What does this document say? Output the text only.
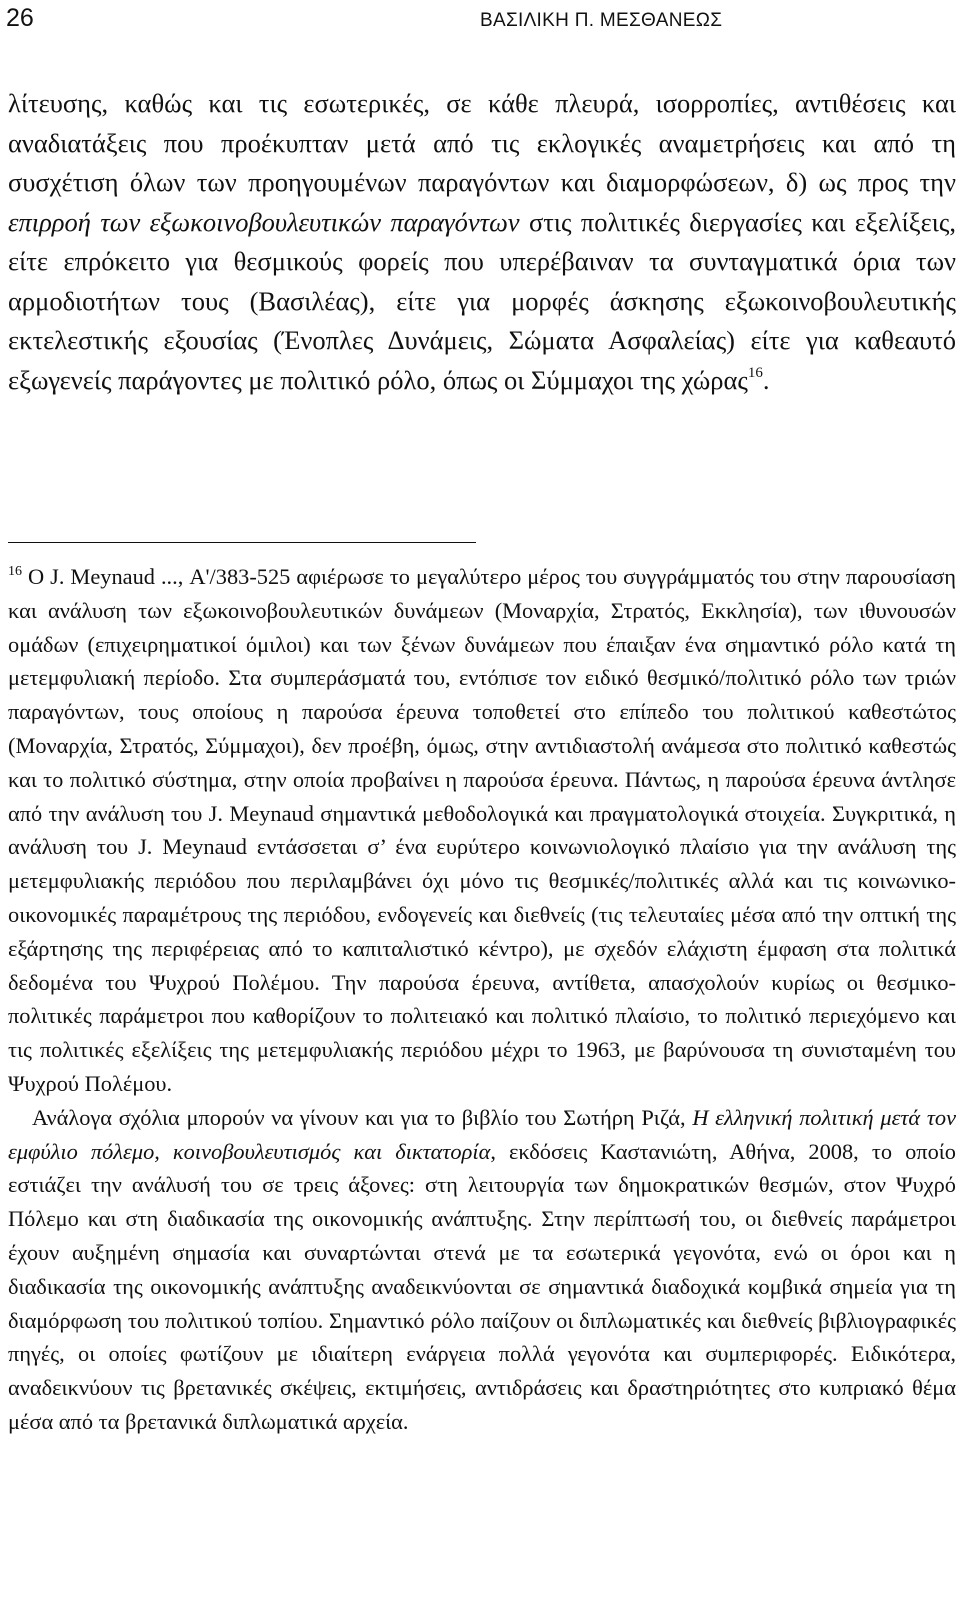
26	ΒΑΣΙΛΙΚΗ Π. ΜΕΣΘΑΝΕΩΣ
λίτευσης, καθώς και τις εσωτερικές, σε κάθε πλευρά, ισορροπίες, αντιθέσεις και αναδιατάξεις που προέκυπταν μετά από τις εκλογικές αναμετρήσεις και από τη συσχέτιση όλων των προηγουμένων παραγόντων και διαμορφώσεων, δ) ως προς την επιρροή των εξωκοινοβουλευτικών παραγόντων στις πολιτικές διεργασίες και εξελίξεις, είτε επρόκειτο για θεσμικούς φορείς που υπερέβαιναν τα συνταγματικά όρια των αρμοδιοτήτων τους (Βασιλέας), είτε για μορφές άσκησης εξωκοινοβουλευτικής εκτελεστικής εξουσίας (Ένοπλες Δυνάμεις, Σώματα Ασφαλείας) είτε για καθεαυτό εξωγενείς παράγοντες με πολιτικό ρόλο, όπως οι Σύμμαχοι της χώρας$^{16}$.

$^{16}$ O J. Meynaud ..., Α'/383-525 αφιέρωσε το μεγαλύτερο μέρος του συγγράμματός του στην παρουσίαση και ανάλυση των εξωκοινοβουλευτικών δυνάμεων (Μοναρχία, Στρατός, Εκκλησία), των ιθυνουσών ομάδων (επιχειρηματικοί όμιλοι) και των ξένων δυνάμεων που έπαιξαν ένα σημαντικό ρόλο κατά τη μετεμφυλιακή περίοδο. Στα συμπεράσματά του, εντόπισε τον ειδικό θεσμικό/πολιτικό ρόλο των τριών παραγόντων, τους οποίους η παρούσα έρευνα τοποθετεί στο επίπεδο του πολιτικού καθεστώτος (Μοναρχία, Στρατός, Σύμμαχοι), δεν προέβη, όμως, στην αντιδιαστολή ανάμεσα στο πολιτικό καθεστώς και το πολιτικό σύστημα, στην οποία προβαίνει η παρούσα έρευνα. Πάντως, η παρούσα έρευνα άντλησε από την ανάλυση του J. Meynaud σημαντικά μεθοδολογικά και πραγματολογικά στοιχεία. Συγκριτικά, η ανάλυση του J. Meynaud εντάσσεται σ’ ένα ευρύτερο κοινωνιολογικό πλαίσιο για την ανάλυση της μετεμφυλιακής περιόδου που περιλαμβάνει όχι μόνο τις θεσμικές/πολιτικές αλλά και τις κοινωνικο-οικονομικές παραμέτρους της περιόδου, ενδογενείς και διεθνείς (τις τελευταίες μέσα από την οπτική της εξάρτησης της περιφέρειας από το καπιταλιστικό κέντρο), με σχεδόν ελάχιστη έμφαση στα πολιτικά δεδομένα του Ψυχρού Πολέμου. Την παρούσα έρευνα, αντίθετα, απασχολούν κυρίως οι θεσμικο-πολιτικές παράμετροι που καθορίζουν το πολιτειακό και πολιτικό πλαίσιο, το πολιτικό περιεχόμενο και τις πολιτικές εξελίξεις της μετεμφυλιακής περιόδου μέχρι το 1963, με βαρύνουσα τη συνισταμένη του Ψυχρού Πολέμου.

Ανάλογα σχόλια μπορούν να γίνουν και για το βιβλίο του Σωτήρη Ριζά, Η ελληνική πολιτική μετά τον εμφύλιο πόλεμο, κοινοβουλευτισμός και δικτατορία, εκδόσεις Καστανιώτη, Αθήνα, 2008, το οποίο εστιάζει την ανάλυσή του σε τρεις άξονες: στη λειτουργία των δημοκρατικών θεσμών, στον Ψυχρό Πόλεμο και στη διαδικασία της οικονομικής ανάπτυξης. Στην περίπτωσή του, οι διεθνείς παράμετροι έχουν αυξημένη σημασία και συναρτώνται στενά με τα εσωτερικά γεγονότα, ενώ οι όροι και η διαδικασία της οικονομικής ανάπτυξης αναδεικνύονται σε σημαντικά διαδοχικά κομβικά σημεία για τη διαμόρφωση του πολιτικού τοπίου. Σημαντικό ρόλο παίζουν οι διπλωματικές και διεθνείς βιβλιογραφικές πηγές, οι οποίες φωτίζουν με ιδιαίτερη ενάργεια πολλά γεγονότα και συμπεριφορές. Ειδικότερα, αναδεικνύουν τις βρετανικές σκέψεις, εκτιμήσεις, αντιδράσεις και δραστηριότητες στο κυπριακό θέμα μέσα από τα βρετανικά διπλωματικά αρχεία.
